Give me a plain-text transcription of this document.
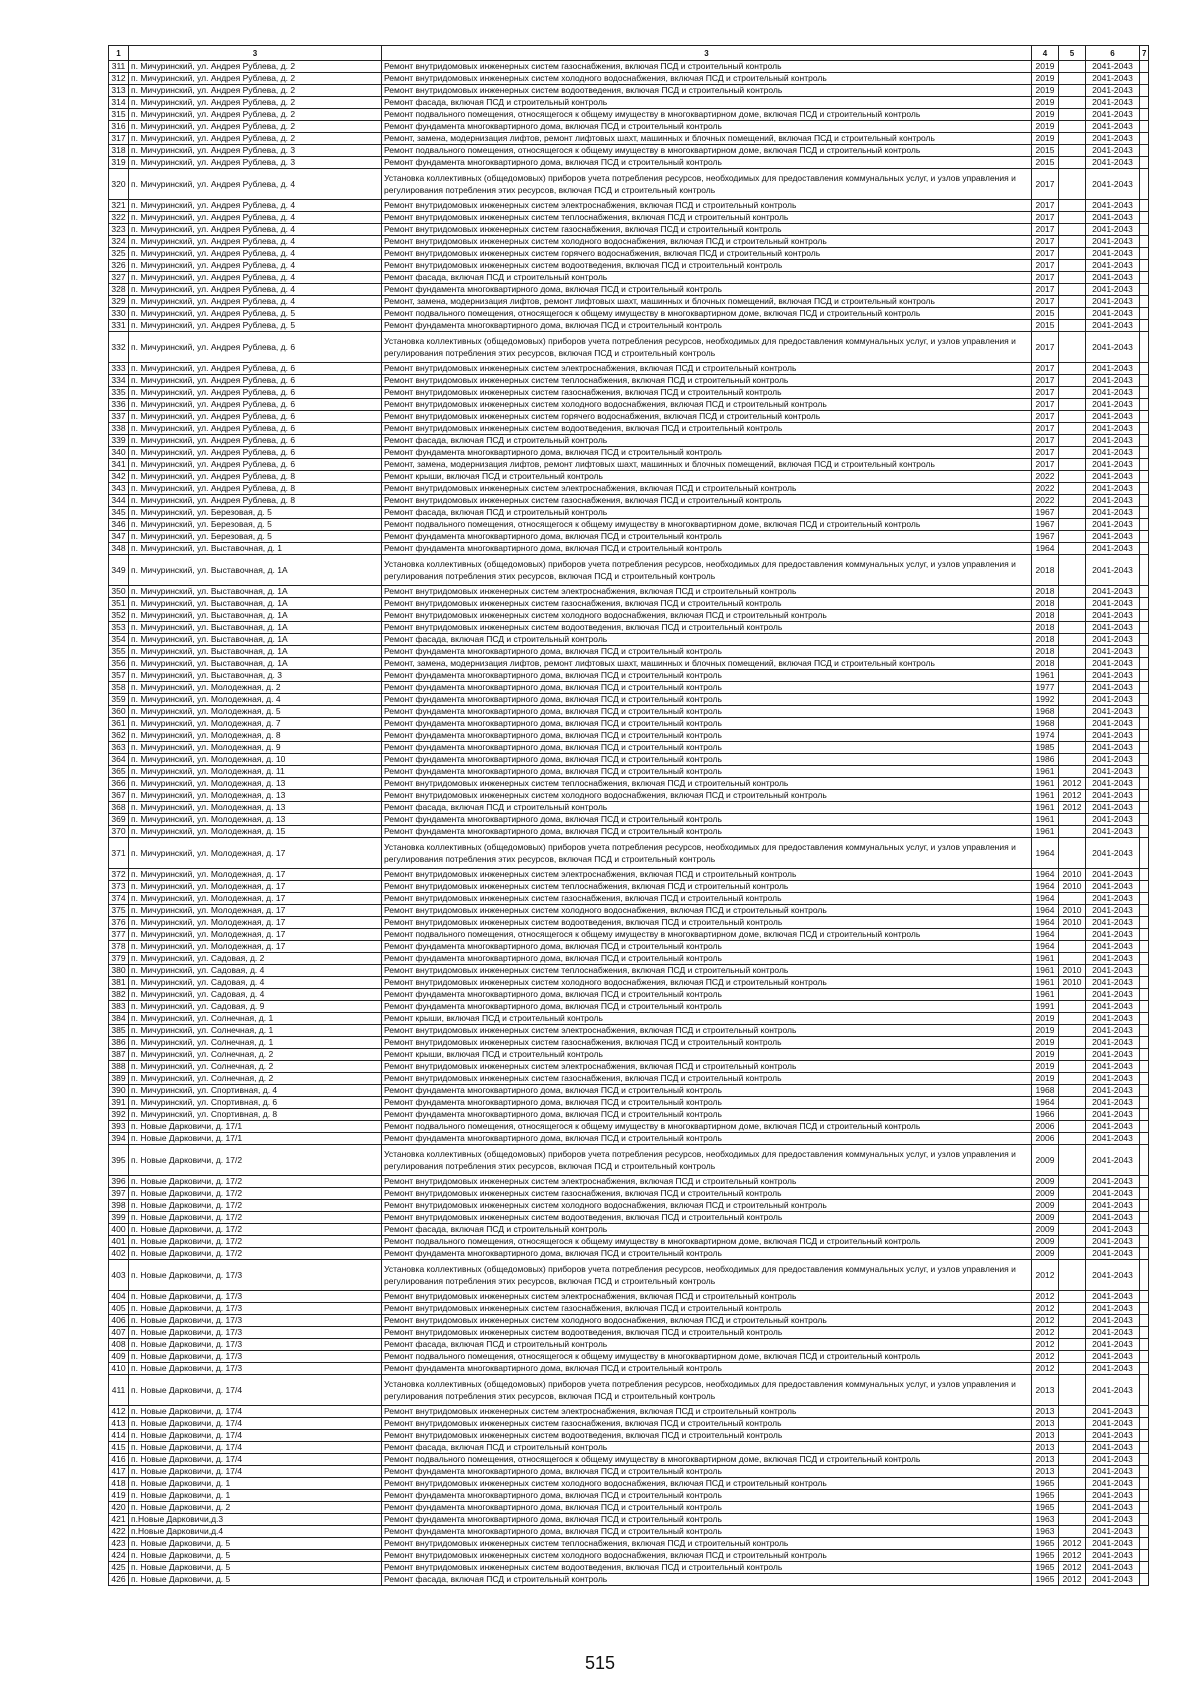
1	3	3	4	5	6	7
311	п. Мичуринский, ул. Андрея Рублева, д. 2	Ремонт внутридомовых инженерных систем газоснабжения, включая ПСД и строительный контроль	2019		2041-2043	
312	п. Мичуринский, ул. Андрея Рублева, д. 2	Ремонт внутридомовых инженерных систем холодного водоснабжения, включая ПСД и строительный контроль	2019		2041-2043	
313	п. Мичуринский, ул. Андрея Рублева, д. 2	Ремонт внутридомовых инженерных систем водоотведения, включая ПСД и строительный контроль	2019		2041-2043	
314	п. Мичуринский, ул. Андрея Рублева, д. 2	Ремонт фасада, включая ПСД и строительный контроль	2019		2041-2043	
315	п. Мичуринский, ул. Андрея Рублева, д. 2	Ремонт подвального помещения, относящегося к общему имуществу в многоквартирном доме, включая ПСД и строительный контроль	2019		2041-2043	
316	п. Мичуринский, ул. Андрея Рублева, д. 2	Ремонт фундамента многоквартирного дома, включая ПСД и строительный контроль	2019		2041-2043	
317	п. Мичуринский, ул. Андрея Рублева, д. 2	Ремонт, замена, модернизация лифтов, ремонт лифтовых шахт, машинных и блочных помещений, включая ПСД и строительный контроль	2019		2041-2043	
318	п. Мичуринский, ул. Андрея Рублева, д. 3	Ремонт подвального помещения, относящегося к общему имуществу в многоквартирном доме, включая ПСД и строительный контроль	2015		2041-2043	
319	п. Мичуринский, ул. Андрея Рублева, д. 3	Ремонт фундамента многоквартирного дома, включая ПСД и строительный контроль	2015		2041-2043	
320	п. Мичуринский, ул. Андрея Рублева, д. 4	Установка коллективных (общедомовых) приборов учета потребления ресурсов, необходимых для предоставления коммунальных услуг, и узлов управления и регулирования потребления этих ресурсов, включая ПСД и строительный контроль	2017		2041-2043	
321	п. Мичуринский, ул. Андрея Рублева, д. 4	Ремонт внутридомовых инженерных систем электроснабжения, включая ПСД и строительный контроль	2017		2041-2043	
322	п. Мичуринский, ул. Андрея Рублева, д. 4	Ремонт внутридомовых инженерных систем теплоснабжения, включая ПСД и строительный контроль	2017		2041-2043	
323	п. Мичуринский, ул. Андрея Рублева, д. 4	Ремонт внутридомовых инженерных систем газоснабжения, включая ПСД и строительный контроль	2017		2041-2043	
324	п. Мичуринский, ул. Андрея Рублева, д. 4	Ремонт внутридомовых инженерных систем холодного водоснабжения, включая ПСД и строительный контроль	2017		2041-2043	
325	п. Мичуринский, ул. Андрея Рублева, д. 4	Ремонт внутридомовых инженерных систем горячего водоснабжения, включая ПСД и строительный контроль	2017		2041-2043	
326	п. Мичуринский, ул. Андрея Рублева, д. 4	Ремонт внутридомовых инженерных систем водоотведения, включая ПСД и строительный контроль	2017		2041-2043	
327	п. Мичуринский, ул. Андрея Рублева, д. 4	Ремонт фасада, включая ПСД и строительный контроль	2017		2041-2043	
328	п. Мичуринский, ул. Андрея Рублева, д. 4	Ремонт фундамента многоквартирного дома, включая ПСД и строительный контроль	2017		2041-2043	
329	п. Мичуринский, ул. Андрея Рублева, д. 4	Ремонт, замена, модернизация лифтов, ремонт лифтовых шахт, машинных и блочных помещений, включая ПСД и строительный контроль	2017		2041-2043	
330	п. Мичуринский, ул. Андрея Рублева, д. 5	Ремонт подвального помещения, относящегося к общему имуществу в многоквартирном доме, включая ПСД и строительный контроль	2015		2041-2043	
331	п. Мичуринский, ул. Андрея Рублева, д. 5	Ремонт фундамента многоквартирного дома, включая ПСД и строительный контроль	2015		2041-2043	
332	п. Мичуринский, ул. Андрея Рублева, д. 6	Установка коллективных (общедомовых) приборов учета потребления ресурсов, необходимых для предоставления коммунальных услуг, и узлов управления и регулирования потребления этих ресурсов, включая ПСД и строительный контроль	2017		2041-2043	
333	п. Мичуринский, ул. Андрея Рублева, д. 6	Ремонт внутридомовых инженерных систем электроснабжения, включая ПСД и строительный контроль	2017		2041-2043	
334	п. Мичуринский, ул. Андрея Рублева, д. 6	Ремонт внутридомовых инженерных систем теплоснабжения, включая ПСД и строительный контроль	2017		2041-2043	
335	п. Мичуринский, ул. Андрея Рублева, д. 6	Ремонт внутридомовых инженерных систем газоснабжения, включая ПСД и строительный контроль	2017		2041-2043	
336	п. Мичуринский, ул. Андрея Рублева, д. 6	Ремонт внутридомовых инженерных систем холодного водоснабжения, включая ПСД и строительный контроль	2017		2041-2043	
337	п. Мичуринский, ул. Андрея Рублева, д. 6	Ремонт внутридомовых инженерных систем горячего водоснабжения, включая ПСД и строительный контроль	2017		2041-2043	
338	п. Мичуринский, ул. Андрея Рублева, д. 6	Ремонт внутридомовых инженерных систем водоотведения, включая ПСД и строительный контроль	2017		2041-2043	
339	п. Мичуринский, ул. Андрея Рублева, д. 6	Ремонт фасада, включая ПСД и строительный контроль	2017		2041-2043	
340	п. Мичуринский, ул. Андрея Рублева, д. 6	Ремонт фундамента многоквартирного дома, включая ПСД и строительный контроль	2017		2041-2043	
341	п. Мичуринский, ул. Андрея Рублева, д. 6	Ремонт, замена, модернизация лифтов, ремонт лифтовых шахт, машинных и блочных помещений, включая ПСД и строительный контроль	2017		2041-2043	
342	п. Мичуринский, ул. Андрея Рублева, д. 8	Ремонт крыши, включая ПСД и строительный контроль	2022		2041-2043	
343	п. Мичуринский, ул. Андрея Рублева, д. 8	Ремонт внутридомовых инженерных систем электроснабжения, включая ПСД и строительный контроль	2022		2041-2043	
344	п. Мичуринский, ул. Андрея Рублева, д. 8	Ремонт внутридомовых инженерных систем газоснабжения, включая ПСД и строительный контроль	2022		2041-2043	
345	п. Мичуринский, ул. Березовая, д. 5	Ремонт фасада, включая ПСД и строительный контроль	1967		2041-2043	
346	п. Мичуринский, ул. Березовая, д. 5	Ремонт подвального помещения, относящегося к общему имуществу в многоквартирном доме, включая ПСД и строительный контроль	1967		2041-2043	
347	п. Мичуринский, ул. Березовая, д. 5	Ремонт фундамента многоквартирного дома, включая ПСД и строительный контроль	1967		2041-2043	
348	п. Мичуринский, ул. Выставочная, д. 1	Ремонт фундамента многоквартирного дома, включая ПСД и строительный контроль	1964		2041-2043	
349	п. Мичуринский, ул. Выставочная, д. 1А	Установка коллективных (общедомовых) приборов учета потребления ресурсов, необходимых для предоставления коммунальных услуг, и узлов управления и регулирования потребления этих ресурсов, включая ПСД и строительный контроль	2018		2041-2043	
350	п. Мичуринский, ул. Выставочная, д. 1А	Ремонт внутридомовых инженерных систем электроснабжения, включая ПСД и строительный контроль	2018		2041-2043	
351	п. Мичуринский, ул. Выставочная, д. 1А	Ремонт внутридомовых инженерных систем газоснабжения, включая ПСД и строительный контроль	2018		2041-2043	
352	п. Мичуринский, ул. Выставочная, д. 1А	Ремонт внутридомовых инженерных систем холодного водоснабжения, включая ПСД и строительный контроль	2018		2041-2043	
353	п. Мичуринский, ул. Выставочная, д. 1А	Ремонт внутридомовых инженерных систем водоотведения, включая ПСД и строительный контроль	2018		2041-2043	
354	п. Мичуринский, ул. Выставочная, д. 1А	Ремонт фасада, включая ПСД и строительный контроль	2018		2041-2043	
355	п. Мичуринский, ул. Выставочная, д. 1А	Ремонт фундамента многоквартирного дома, включая ПСД и строительный контроль	2018		2041-2043	
356	п. Мичуринский, ул. Выставочная, д. 1А	Ремонт, замена, модернизация лифтов, ремонт лифтовых шахт, машинных и блочных помещений, включая ПСД и строительный контроль	2018		2041-2043	
357	п. Мичуринский, ул. Выставочная, д. 3	Ремонт фундамента многоквартирного дома, включая ПСД и строительный контроль	1961		2041-2043	
358	п. Мичуринский, ул. Молодежная, д. 2	Ремонт фундамента многоквартирного дома, включая ПСД и строительный контроль	1977		2041-2043	
359	п. Мичуринский, ул. Молодежная, д. 4	Ремонт фундамента многоквартирного дома, включая ПСД и строительный контроль	1992		2041-2043	
360	п. Мичуринский, ул. Молодежная, д. 5	Ремонт фундамента многоквартирного дома, включая ПСД и строительный контроль	1968		2041-2043	
361	п. Мичуринский, ул. Молодежная, д. 7	Ремонт фундамента многоквартирного дома, включая ПСД и строительный контроль	1968		2041-2043	
362	п. Мичуринский, ул. Молодежная, д. 8	Ремонт фундамента многоквартирного дома, включая ПСД и строительный контроль	1974		2041-2043	
363	п. Мичуринский, ул. Молодежная, д. 9	Ремонт фундамента многоквартирного дома, включая ПСД и строительный контроль	1985		2041-2043	
364	п. Мичуринский, ул. Молодежная, д. 10	Ремонт фундамента многоквартирного дома, включая ПСД и строительный контроль	1986		2041-2043	
365	п. Мичуринский, ул. Молодежная, д. 11	Ремонт фундамента многоквартирного дома, включая ПСД и строительный контроль	1961		2041-2043	
366	п. Мичуринский, ул. Молодежная, д. 13	Ремонт внутридомовых инженерных систем теплоснабжения, включая ПСД и строительный контроль	1961	2012	2041-2043	
367	п. Мичуринский, ул. Молодежная, д. 13	Ремонт внутридомовых инженерных систем холодного водоснабжения, включая ПСД и строительный контроль	1961	2012	2041-2043	
368	п. Мичуринский, ул. Молодежная, д. 13	Ремонт фасада, включая ПСД и строительный контроль	1961	2012	2041-2043	
369	п. Мичуринский, ул. Молодежная, д. 13	Ремонт фундамента многоквартирного дома, включая ПСД и строительный контроль	1961		2041-2043	
370	п. Мичуринский, ул. Молодежная, д. 15	Ремонт фундамента многоквартирного дома, включая ПСД и строительный контроль	1961		2041-2043	
371	п. Мичуринский, ул. Молодежная, д. 17	Установка коллективных (общедомовых) приборов учета потребления ресурсов, необходимых для предоставления коммунальных услуг, и узлов управления и регулирования потребления этих ресурсов, включая ПСД и строительный контроль	1964		2041-2043	
372	п. Мичуринский, ул. Молодежная, д. 17	Ремонт внутридомовых инженерных систем электроснабжения, включая ПСД и строительный контроль	1964	2010	2041-2043	
373	п. Мичуринский, ул. Молодежная, д. 17	Ремонт внутридомовых инженерных систем теплоснабжения, включая ПСД и строительный контроль	1964	2010	2041-2043	
374	п. Мичуринский, ул. Молодежная, д. 17	Ремонт внутридомовых инженерных систем газоснабжения, включая ПСД и строительный контроль	1964		2041-2043	
375	п. Мичуринский, ул. Молодежная, д. 17	Ремонт внутридомовых инженерных систем холодного водоснабжения, включая ПСД и строительный контроль	1964	2010	2041-2043	
376	п. Мичуринский, ул. Молодежная, д. 17	Ремонт внутридомовых инженерных систем водоотведения, включая ПСД и строительный контроль	1964	2010	2041-2043	
377	п. Мичуринский, ул. Молодежная, д. 17	Ремонт подвального помещения, относящегося к общему имуществу в многоквартирном доме, включая ПСД и строительный контроль	1964		2041-2043	
378	п. Мичуринский, ул. Молодежная, д. 17	Ремонт фундамента многоквартирного дома, включая ПСД и строительный контроль	1964		2041-2043	
379	п. Мичуринский, ул. Садовая, д. 2	Ремонт фундамента многоквартирного дома, включая ПСД и строительный контроль	1961		2041-2043	
380	п. Мичуринский, ул. Садовая, д. 4	Ремонт внутридомовых инженерных систем теплоснабжения, включая ПСД и строительный контроль	1961	2010	2041-2043	
381	п. Мичуринский, ул. Садовая, д. 4	Ремонт внутридомовых инженерных систем холодного водоснабжения, включая ПСД и строительный контроль	1961	2010	2041-2043	
382	п. Мичуринский, ул. Садовая, д. 4	Ремонт фундамента многоквартирного дома, включая ПСД и строительный контроль	1961		2041-2043	
383	п. Мичуринский, ул. Садовая, д. 9	Ремонт фундамента многоквартирного дома, включая ПСД и строительный контроль	1991		2041-2043	
384	п. Мичуринский, ул. Солнечная, д. 1	Ремонт крыши, включая ПСД и строительный контроль	2019		2041-2043	
385	п. Мичуринский, ул. Солнечная, д. 1	Ремонт внутридомовых инженерных систем электроснабжения, включая ПСД и строительный контроль	2019		2041-2043	
386	п. Мичуринский, ул. Солнечная, д. 1	Ремонт внутридомовых инженерных систем газоснабжения, включая ПСД и строительный контроль	2019		2041-2043	
387	п. Мичуринский, ул. Солнечная, д. 2	Ремонт крыши, включая ПСД и строительный контроль	2019		2041-2043	
388	п. Мичуринский, ул. Солнечная, д. 2	Ремонт внутридомовых инженерных систем электроснабжения, включая ПСД и строительный контроль	2019		2041-2043	
389	п. Мичуринский, ул. Солнечная, д. 2	Ремонт внутридомовых инженерных систем газоснабжения, включая ПСД и строительный контроль	2019		2041-2043	
390	п. Мичуринский, ул. Спортивная, д. 4	Ремонт фундамента многоквартирного дома, включая ПСД и строительный контроль	1968		2041-2043	
391	п. Мичуринский, ул. Спортивная, д. 6	Ремонт фундамента многоквартирного дома, включая ПСД и строительный контроль	1964		2041-2043	
392	п. Мичуринский, ул. Спортивная, д. 8	Ремонт фундамента многоквартирного дома, включая ПСД и строительный контроль	1966		2041-2043	
393	п. Новые Дарковичи, д. 17/1	Ремонт подвального помещения, относящегося к общему имуществу в многоквартирном доме, включая ПСД и строительный контроль	2006		2041-2043	
394	п. Новые Дарковичи, д. 17/1	Ремонт фундамента многоквартирного дома, включая ПСД и строительный контроль	2006		2041-2043	
395	п. Новые Дарковичи, д. 17/2	Установка коллективных (общедомовых) приборов учета потребления ресурсов, необходимых для предоставления коммунальных услуг, и узлов управления и регулирования потребления этих ресурсов, включая ПСД и строительный контроль	2009		2041-2043	
396	п. Новые Дарковичи, д. 17/2	Ремонт внутридомовых инженерных систем электроснабжения, включая ПСД и строительный контроль	2009		2041-2043	
397	п. Новые Дарковичи, д. 17/2	Ремонт внутридомовых инженерных систем газоснабжения, включая ПСД и строительный контроль	2009		2041-2043	
398	п. Новые Дарковичи, д. 17/2	Ремонт внутридомовых инженерных систем холодного водоснабжения, включая ПСД и строительный контроль	2009		2041-2043	
399	п. Новые Дарковичи, д. 17/2	Ремонт внутридомовых инженерных систем водоотведения, включая ПСД и строительный контроль	2009		2041-2043	
400	п. Новые Дарковичи, д. 17/2	Ремонт фасада, включая ПСД и строительный контроль	2009		2041-2043	
401	п. Новые Дарковичи, д. 17/2	Ремонт подвального помещения, относящегося к общему имуществу в многоквартирном доме, включая ПСД и строительный контроль	2009		2041-2043	
402	п. Новые Дарковичи, д. 17/2	Ремонт фундамента многоквартирного дома, включая ПСД и строительный контроль	2009		2041-2043	
403	п. Новые Дарковичи, д. 17/3	Установка коллективных (общедомовых) приборов учета потребления ресурсов, необходимых для предоставления коммунальных услуг, и узлов управления и регулирования потребления этих ресурсов, включая ПСД и строительный контроль	2012		2041-2043	
404	п. Новые Дарковичи, д. 17/3	Ремонт внутридомовых инженерных систем электроснабжения, включая ПСД и строительный контроль	2012		2041-2043	
405	п. Новые Дарковичи, д. 17/3	Ремонт внутридомовых инженерных систем газоснабжения, включая ПСД и строительный контроль	2012		2041-2043	
406	п. Новые Дарковичи, д. 17/3	Ремонт внутридомовых инженерных систем холодного водоснабжения, включая ПСД и строительный контроль	2012		2041-2043	
407	п. Новые Дарковичи, д. 17/3	Ремонт внутридомовых инженерных систем водоотведения, включая ПСД и строительный контроль	2012		2041-2043	
408	п. Новые Дарковичи, д. 17/3	Ремонт фасада, включая ПСД и строительный контроль	2012		2041-2043	
409	п. Новые Дарковичи, д. 17/3	Ремонт подвального помещения, относящегося к общему имуществу в многоквартирном доме, включая ПСД и строительный контроль	2012		2041-2043	
410	п. Новые Дарковичи, д. 17/3	Ремонт фундамента многоквартирного дома, включая ПСД и строительный контроль	2012		2041-2043	
411	п. Новые Дарковичи, д. 17/4	Установка коллективных (общедомовых) приборов учета потребления ресурсов, необходимых для предоставления коммунальных услуг, и узлов управления и регулирования потребления этих ресурсов, включая ПСД и строительный контроль	2013		2041-2043	
412	п. Новые Дарковичи, д. 17/4	Ремонт внутридомовых инженерных систем электроснабжения, включая ПСД и строительный контроль	2013		2041-2043	
413	п. Новые Дарковичи, д. 17/4	Ремонт внутридомовых инженерных систем газоснабжения, включая ПСД и строительный контроль	2013		2041-2043	
414	п. Новые Дарковичи, д. 17/4	Ремонт внутридомовых инженерных систем водоотведения, включая ПСД и строительный контроль	2013		2041-2043	
415	п. Новые Дарковичи, д. 17/4	Ремонт фасада, включая ПСД и строительный контроль	2013		2041-2043	
416	п. Новые Дарковичи, д. 17/4	Ремонт подвального помещения, относящегося к общему имуществу в многоквартирном доме, включая ПСД и строительный контроль	2013		2041-2043	
417	п. Новые Дарковичи, д. 17/4	Ремонт фундамента многоквартирного дома, включая ПСД и строительный контроль	2013		2041-2043	
418	п. Новые Дарковичи, д. 1	Ремонт внутридомовых инженерных систем холодного водоснабжения, включая ПСД и строительный контроль	1965		2041-2043	
419	п. Новые Дарковичи, д. 1	Ремонт фундамента многоквартирного дома, включая ПСД и строительный контроль	1965		2041-2043	
420	п. Новые Дарковичи, д. 2	Ремонт фундамента многоквартирного дома, включая ПСД и строительный контроль	1965		2041-2043	
421	п.Новые Дарковичи,д.3	Ремонт фундамента многоквартирного дома, включая ПСД и строительный контроль	1963		2041-2043	
422	п.Новые Дарковичи,д.4	Ремонт фундамента многоквартирного дома, включая ПСД и строительный контроль	1963		2041-2043	
423	п. Новые Дарковичи, д. 5	Ремонт внутридомовых инженерных систем теплоснабжения, включая ПСД и строительный контроль	1965	2012	2041-2043	
424	п. Новые Дарковичи, д. 5	Ремонт внутридомовых инженерных систем холодного водоснабжения, включая ПСД и строительный контроль	1965	2012	2041-2043	
425	п. Новые Дарковичи, д. 5	Ремонт внутридомовых инженерных систем водоотведения, включая ПСД и строительный контроль	1965	2012	2041-2043	
426	п. Новые Дарковичи, д. 5	Ремонт фасада, включая ПСД и строительный контроль	1965	2012	2041-2043	
515
